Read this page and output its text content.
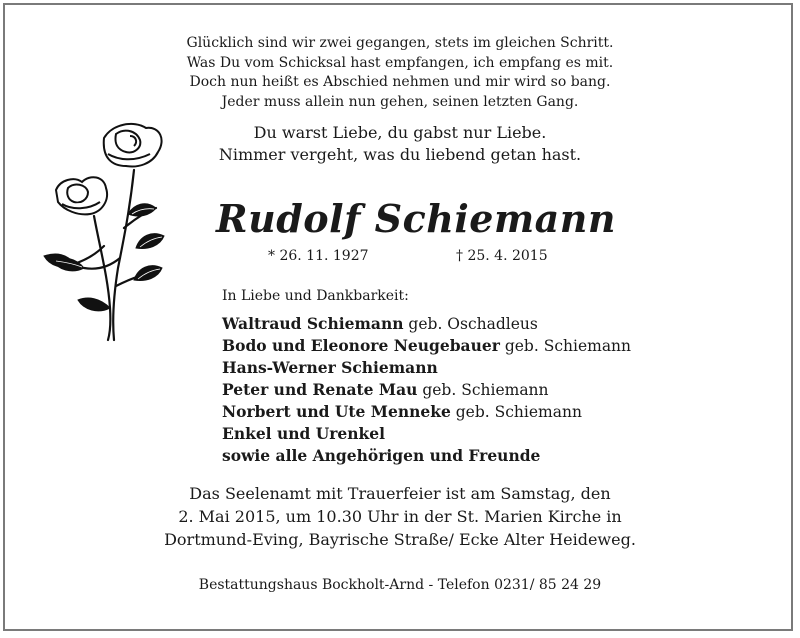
Glücklich sind wir zwei gegangen, stets im gleichen Schritt.
Was Du vom Schicksal hast empfangen, ich empfang es mit.
Doch nun heißt es Abschied nehmen und mir wird so bang.
Jeder muss allein nun gehen, seinen letzten Gang.
Du warst Liebe, du gabst nur Liebe.
Nimmer vergeht, was du liebend getan hast.
Rudolf Schiemann
* 26. 11. 1927	† 25. 4. 2015
In Liebe und Dankbarkeit:
Waltraud Schiemann geb. Oschadleus
Bodo und Eleonore Neugebauer geb. Schiemann
Hans-Werner Schiemann
Peter und Renate Mau geb. Schiemann
Norbert und Ute Menneke geb. Schiemann
Enkel und Urenkel
sowie alle Angehörigen und Freunde
Das Seelenamt mit Trauerfeier ist am Samstag, den
2. Mai 2015, um 10.30 Uhr in der St. Marien Kirche in
Dortmund-Eving, Bayrische Straße/ Ecke Alter Heideweg.
Bestattungshaus Bockholt-Arnd - Telefon 0231/ 85 24 29
